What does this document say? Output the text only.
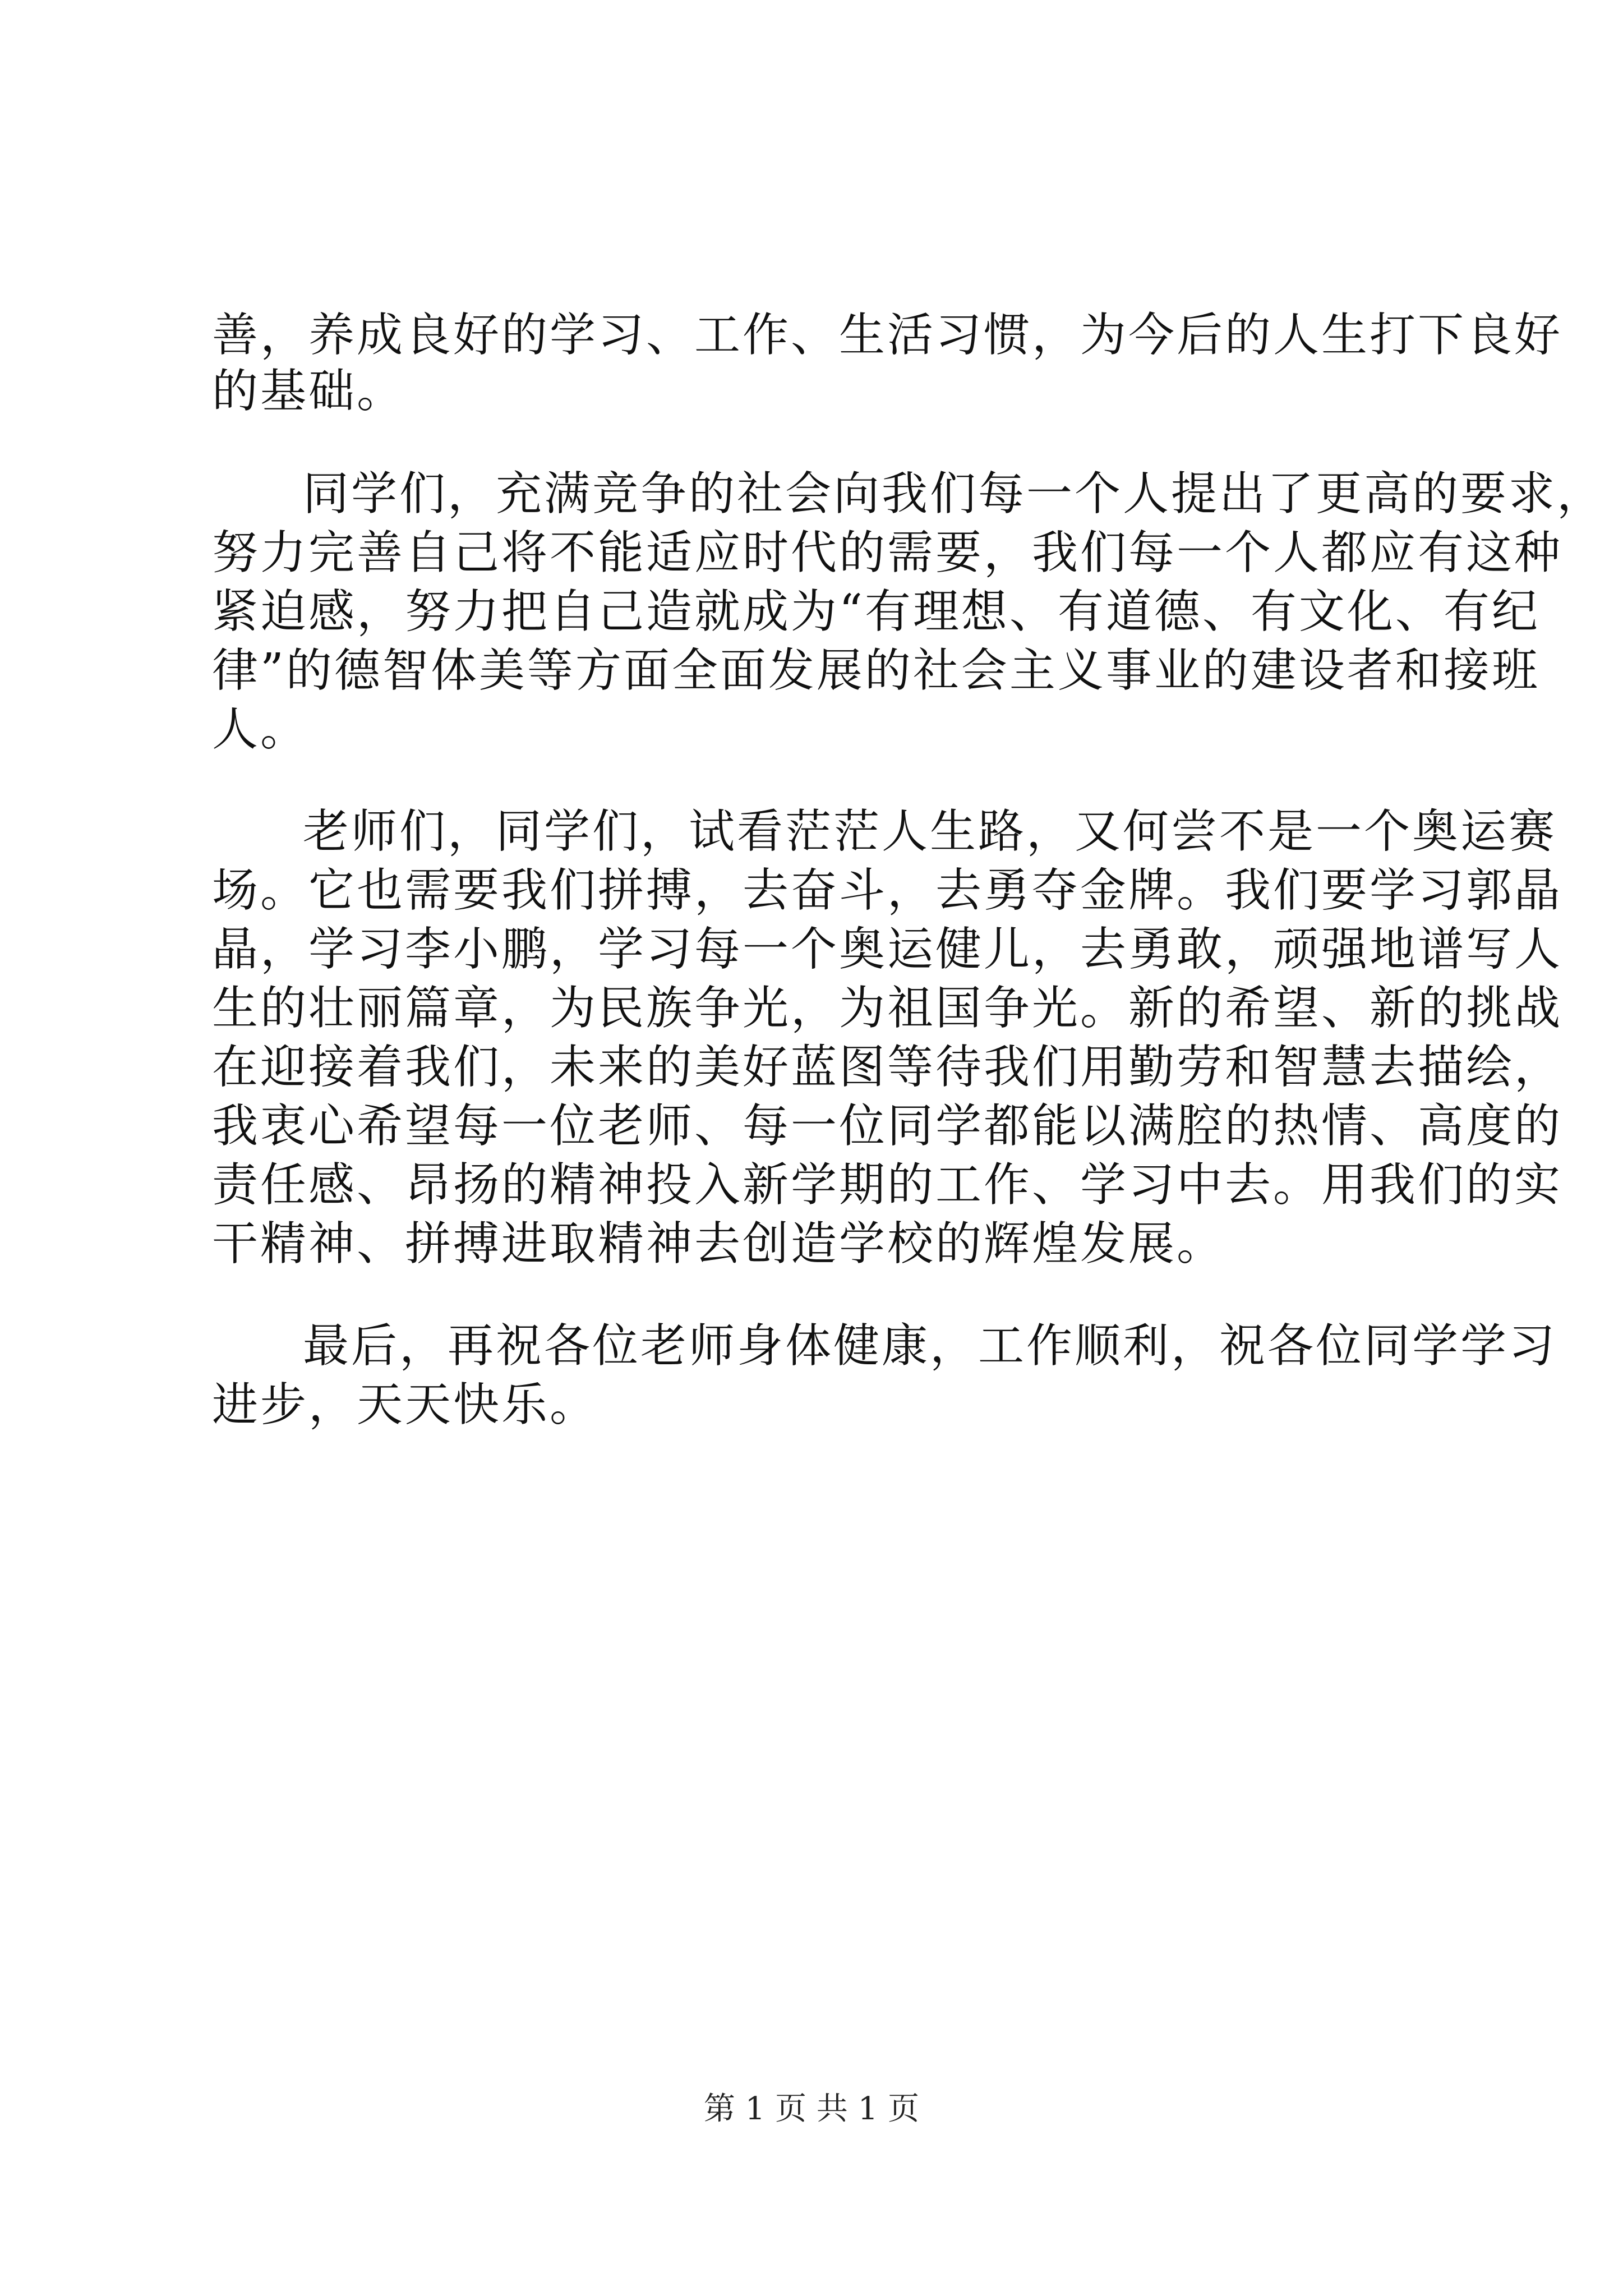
善，养成良好的学习、工作、生活习惯，为今后的人生打下良好
的基础。
同学们，充满竞争的社会向我们每一个人提出了更高的要求，
努力完善自己将不能适应时代的需要，我们每一个人都应有这种
紧迫感，努力把自己造就成为“有理想、有道德、有文化、有纪
律”的德智体美等方面全面发展的社会主义事业的建设者和接班
人。
老师们，同学们，试看茫茫人生路，又何尝不是一个奥运赛
场。它也需要我们拼搏，去奋斗，去勇夺金牌。我们要学习郭晶
晶，学习李小鹏，学习每一个奥运健儿，去勇敢，顽强地谱写人
生的壮丽篇章，为民族争光，为祖国争光。新的希望、新的挑战
在迎接着我们，未来的美好蓝图等待我们用勤劳和智慧去描绘，
我衷心希望每一位老师、每一位同学都能以满腔的热情、高度的
责任感、昂扬的精神投入新学期的工作、学习中去。用我们的实
干精神、拼搏进取精神去创造学校的辉煌发展。
最后，再祝各位老师身体健康，工作顺利，祝各位同学学习
进步，天天快乐。
第 1 页 共 1 页
